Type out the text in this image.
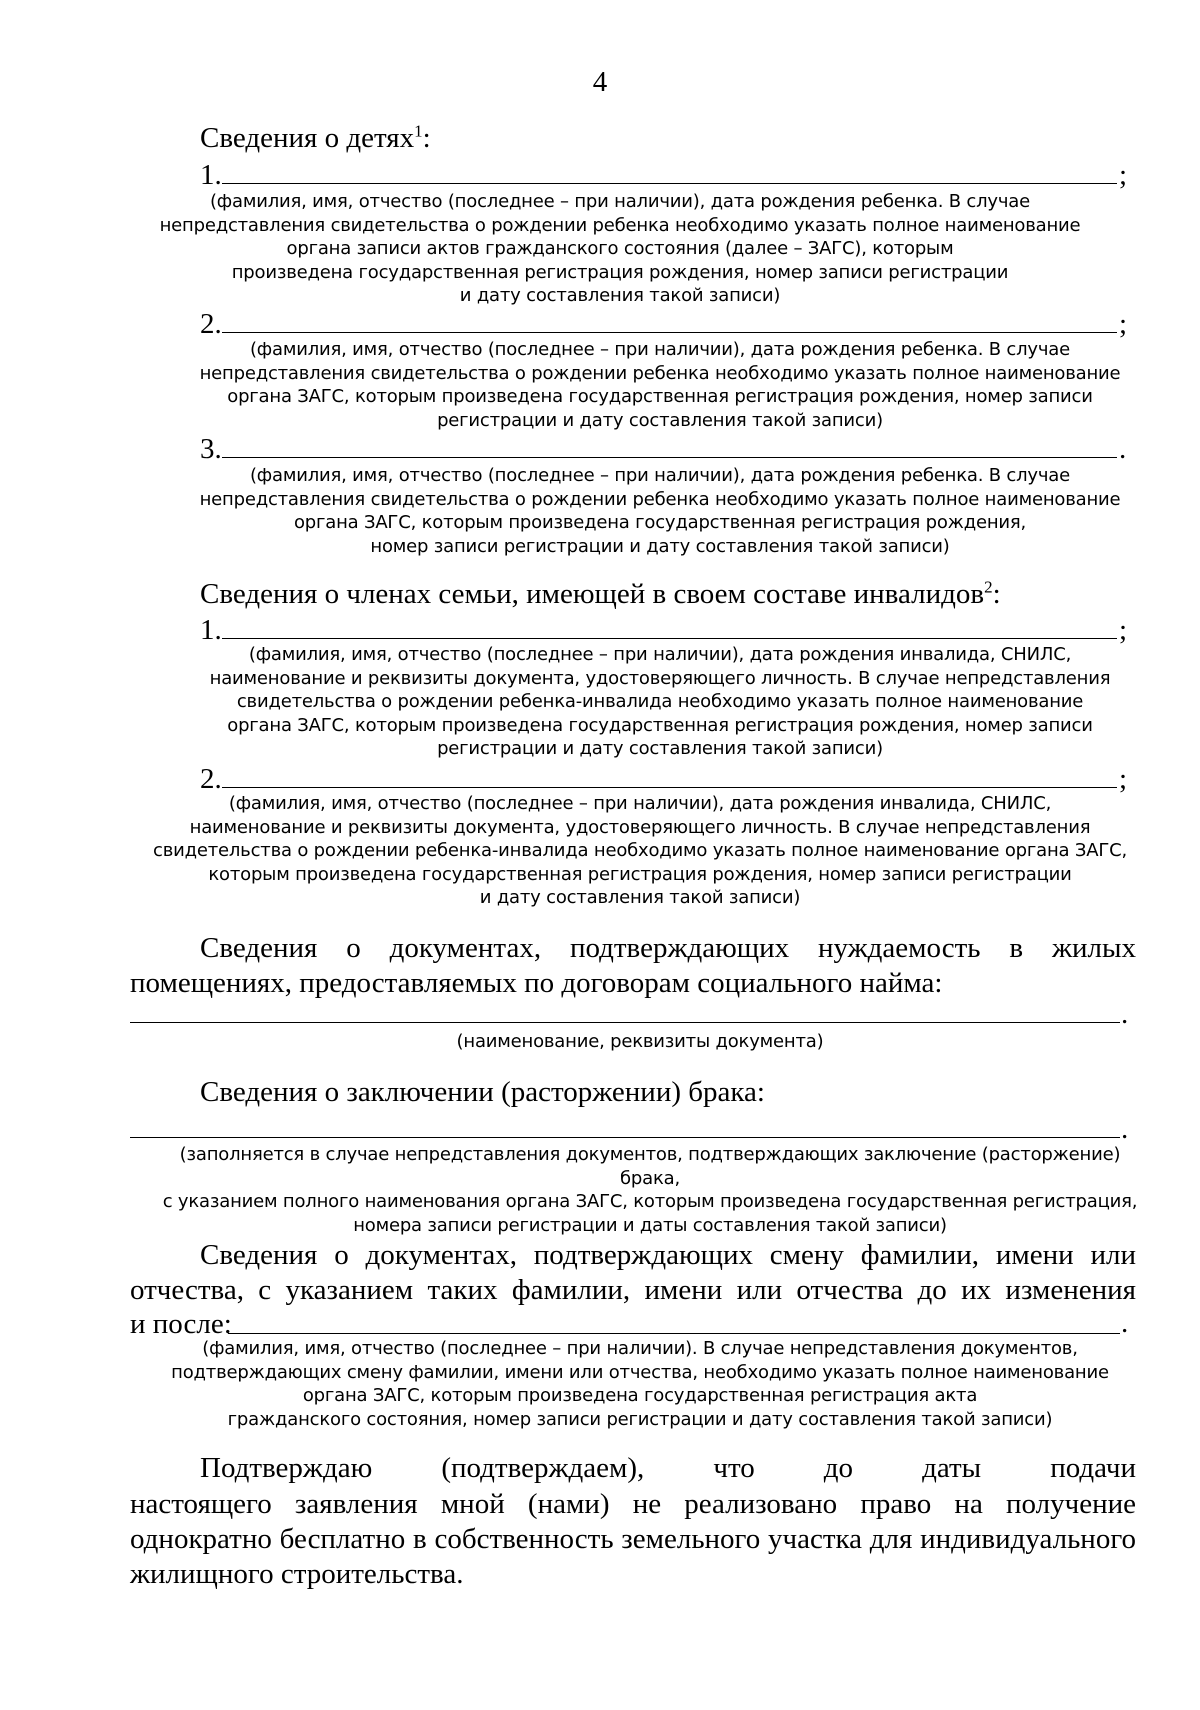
4
Сведения о детях$^1$:
1.	;
(фамилия, имя, отчество (последнее – при наличии), дата рождения ребенка. В случае
непредставления свидетельства о рождении ребенка необходимо указать полное наименование
органа записи актов гражданского состояния (далее – ЗАГС), которым
произведена государственная регистрация рождения, номер записи регистрации
и дату составления такой записи)
2.	;
(фамилия, имя, отчество (последнее – при наличии), дата рождения ребенка. В случае
непредставления свидетельства о рождении ребенка необходимо указать полное наименование
органа ЗАГС, которым произведена государственная регистрация рождения, номер записи
регистрации и дату составления такой записи)
3.	.
(фамилия, имя, отчество (последнее – при наличии), дата рождения ребенка. В случае
непредставления свидетельства о рождении ребенка необходимо указать полное наименование
органа ЗАГС, которым произведена государственная регистрация рождения,
номер записи регистрации и дату составления такой записи)
Сведения о членах семьи, имеющей в своем составе инвалидов$^2$:
1.	;
(фамилия, имя, отчество (последнее – при наличии), дата рождения инвалида, СНИЛС,
наименование и реквизиты документа, удостоверяющего личность. В случае непредставления
свидетельства о рождении ребенка-инвалида необходимо указать полное наименование
органа ЗАГС, которым произведена государственная регистрация рождения, номер записи
регистрации и дату составления такой записи)
2.	;
(фамилия, имя, отчество (последнее – при наличии), дата рождения инвалида, СНИЛС,
наименование и реквизиты документа, удостоверяющего личность. В случае непредставления
свидетельства о рождении ребенка-инвалида необходимо указать полное наименование органа ЗАГС,
которым произведена государственная регистрация рождения, номер записи регистрации
и дату составления такой записи)
Сведения о документах, подтверждающих нуждаемость в жилых
помещениях, предоставляемых по договорам социального найма:
.
(наименование, реквизиты документа)
Сведения о заключении (расторжении) брака:
.
(заполняется в случае непредставления документов, подтверждающих заключение (расторжение) брака,
с указанием полного наименования органа ЗАГС, которым произведена государственная регистрация,
номера записи регистрации и даты составления такой записи)
Сведения о документах, подтверждающих смену фамилии, имени или
отчества, с указанием таких фамилии, имени или отчества до их изменения
и после:	.
(фамилия, имя, отчество (последнее – при наличии). В случае непредставления документов,
подтверждающих смену фамилии, имени или отчества, необходимо указать полное наименование
органа ЗАГС, которым произведена государственная регистрация акта
гражданского состояния, номер записи регистрации и дату составления такой записи)
Подтверждаю (подтверждаем), что до даты подачи
настоящего заявления мной (нами) не реализовано право на получение
однократно бесплатно в собственность земельного участка для индивидуального
жилищного строительства.
